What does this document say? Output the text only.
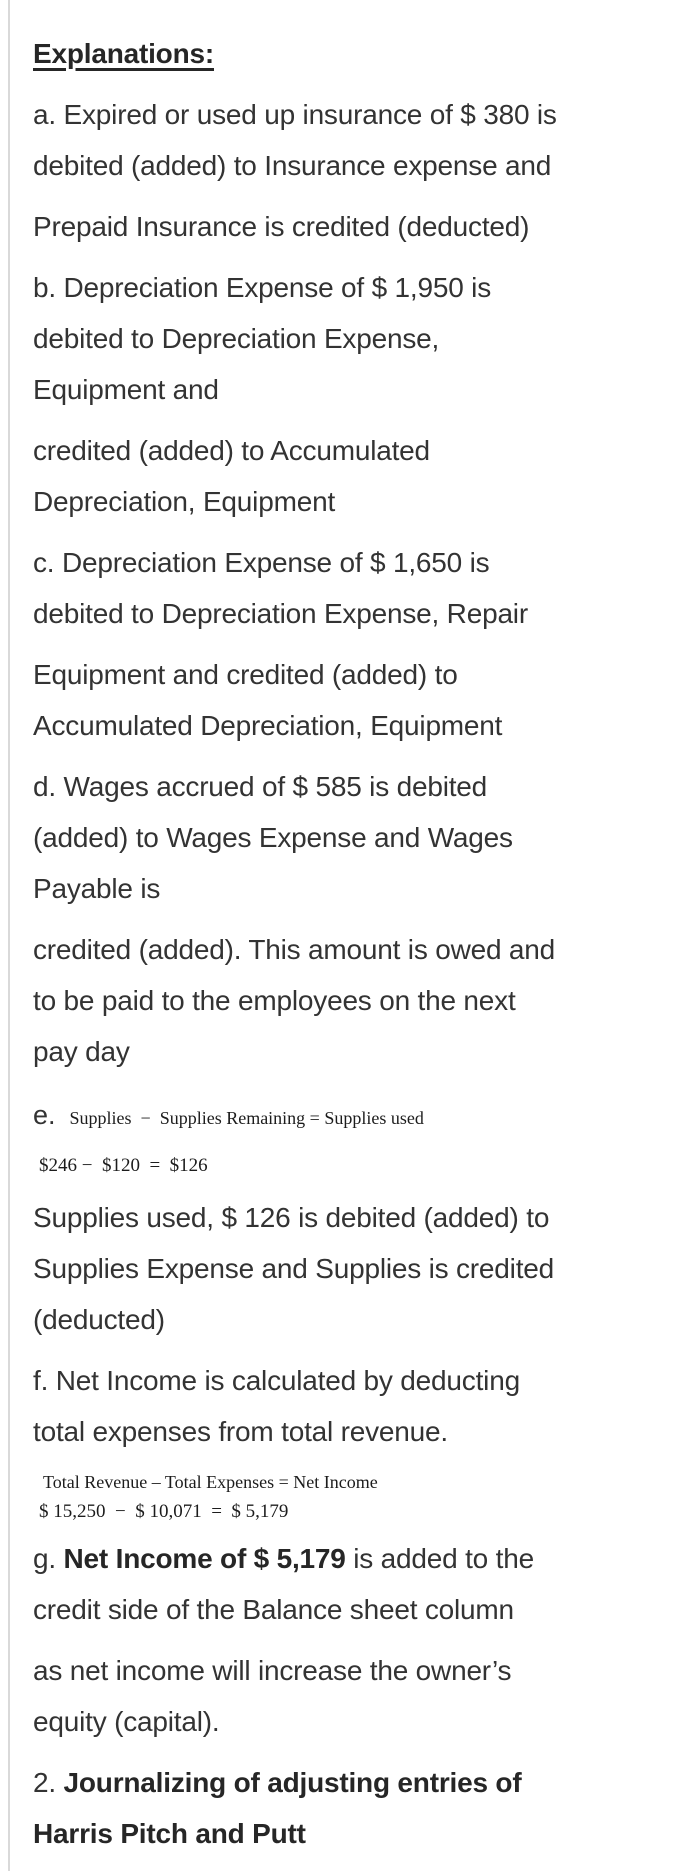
Explanations:
a. Expired or used up insurance of $ 380 is
debited (added) to Insurance expense and
Prepaid Insurance is credited (deducted)
b. Depreciation Expense of $ 1,950 is
debited to Depreciation Expense,
Equipment and
credited (added) to Accumulated
Depreciation, Equipment
c. Depreciation Expense of $ 1,650 is
debited to Depreciation Expense, Repair
Equipment and credited (added) to
Accumulated Depreciation, Equipment
d. Wages accrued of $ 585 is debited
(added) to Wages Expense and Wages
Payable is
credited (added). This amount is owed and
to be paid to the employees on the next
pay day
e. Supplies  −  Supplies Remaining = Supplies used
$246 −  $120  =  $126
Supplies used, $ 126 is debited (added) to
Supplies Expense and Supplies is credited
(deducted)
f. Net Income is calculated by deducting
total expenses from total revenue.
Total Revenue – Total Expenses = Net Income
$ 15,250  −  $ 10,071  =  $ 5,179
g. Net Income of $ 5,179 is added to the
credit side of the Balance sheet column
as net income will increase the owner’s
equity (capital).
2. Journalizing of adjusting entries of
Harris Pitch and Putt
